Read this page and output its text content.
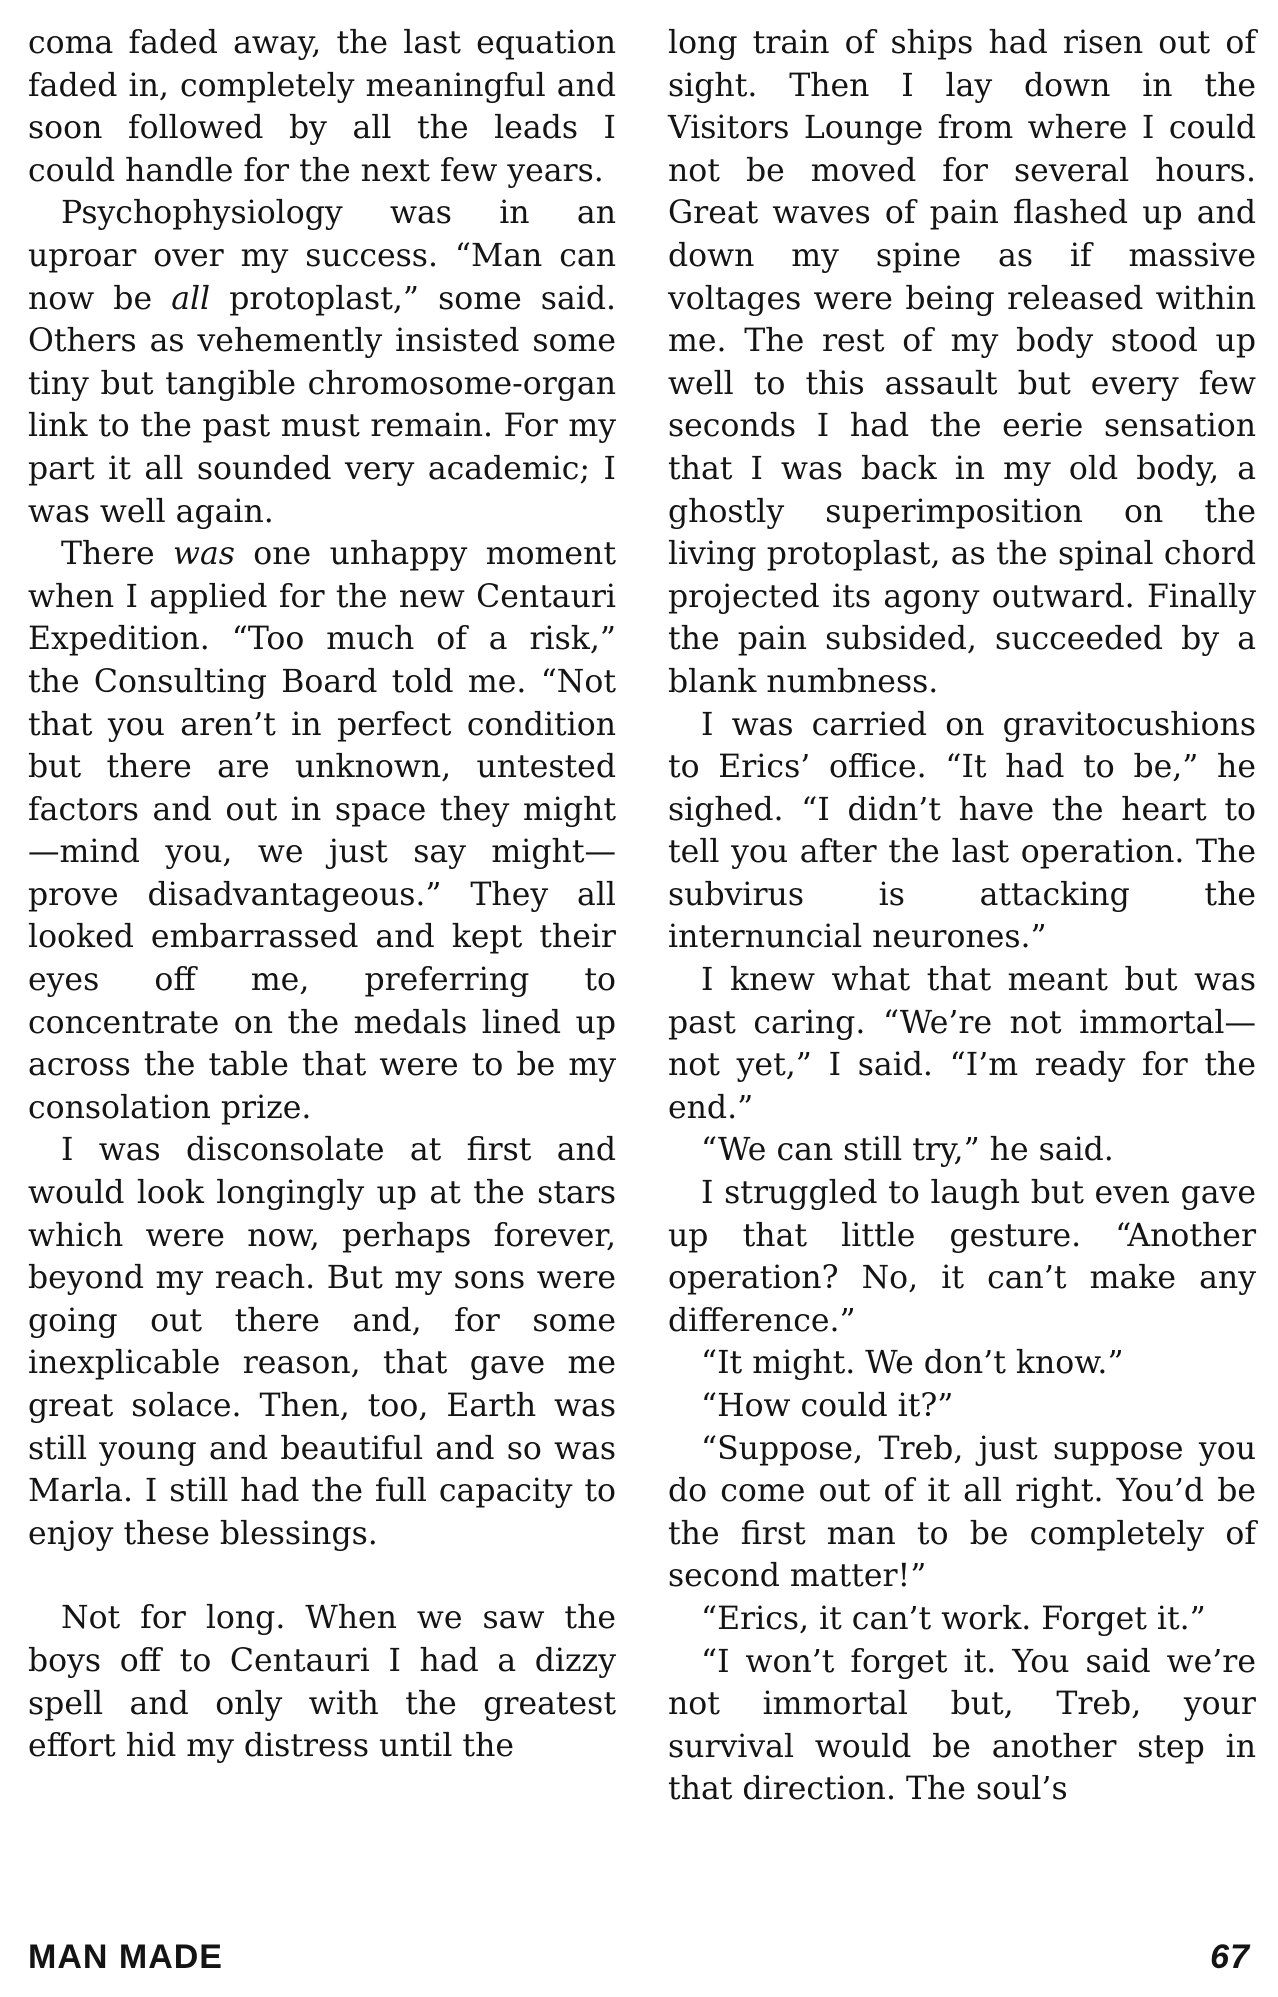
coma faded away, the last equation faded in, completely meaningful and soon followed by all the leads I could handle for the next few years.

Psychophysiology was in an uproar over my success. “Man can now be all protoplast,” some said. Others as vehemently insisted some tiny but tangible chromosome-organ link to the past must remain. For my part it all sounded very academic; I was well again.

There was one unhappy moment when I applied for the new Centauri Expedition. “Too much of a risk,” the Consulting Board told me. “Not that you aren’t in perfect condition but there are unknown, untested factors and out in space they might—mind you, we just say might—prove disadvantageous.” They all looked embarrassed and kept their eyes off me, preferring to concentrate on the medals lined up across the table that were to be my consolation prize.

I was disconsolate at first and would look longingly up at the stars which were now, perhaps forever, beyond my reach. But my sons were going out there and, for some inexplicable reason, that gave me great solace. Then, too, Earth was still young and beautiful and so was Marla. I still had the full capacity to enjoy these blessings.

Not for long. When we saw the boys off to Centauri I had a dizzy spell and only with the greatest effort hid my distress until the

long train of ships had risen out of sight. Then I lay down in the Visitors Lounge from where I could not be moved for several hours. Great waves of pain flashed up and down my spine as if massive voltages were being released within me. The rest of my body stood up well to this assault but every few seconds I had the eerie sensation that I was back in my old body, a ghostly superimposition on the living protoplast, as the spinal chord projected its agony outward. Finally the pain subsided, succeeded by a blank numbness.

I was carried on gravitocushions to Erics’ office. “It had to be,” he sighed. “I didn’t have the heart to tell you after the last operation. The subvirus is attacking the internuncial neurones.”

I knew what that meant but was past caring. “We’re not immortal—not yet,” I said. “I’m ready for the end.”

“We can still try,” he said.

I struggled to laugh but even gave up that little gesture. “Another operation? No, it can’t make any difference.”

“It might. We don’t know.”

“How could it?”

“Suppose, Treb, just suppose you do come out of it all right. You’d be the first man to be completely of second matter!”

“Erics, it can’t work. Forget it.”

“I won’t forget it. You said we’re not immortal but, Treb, your survival would be another step in that direction. The soul’s

MAN MADE	67
